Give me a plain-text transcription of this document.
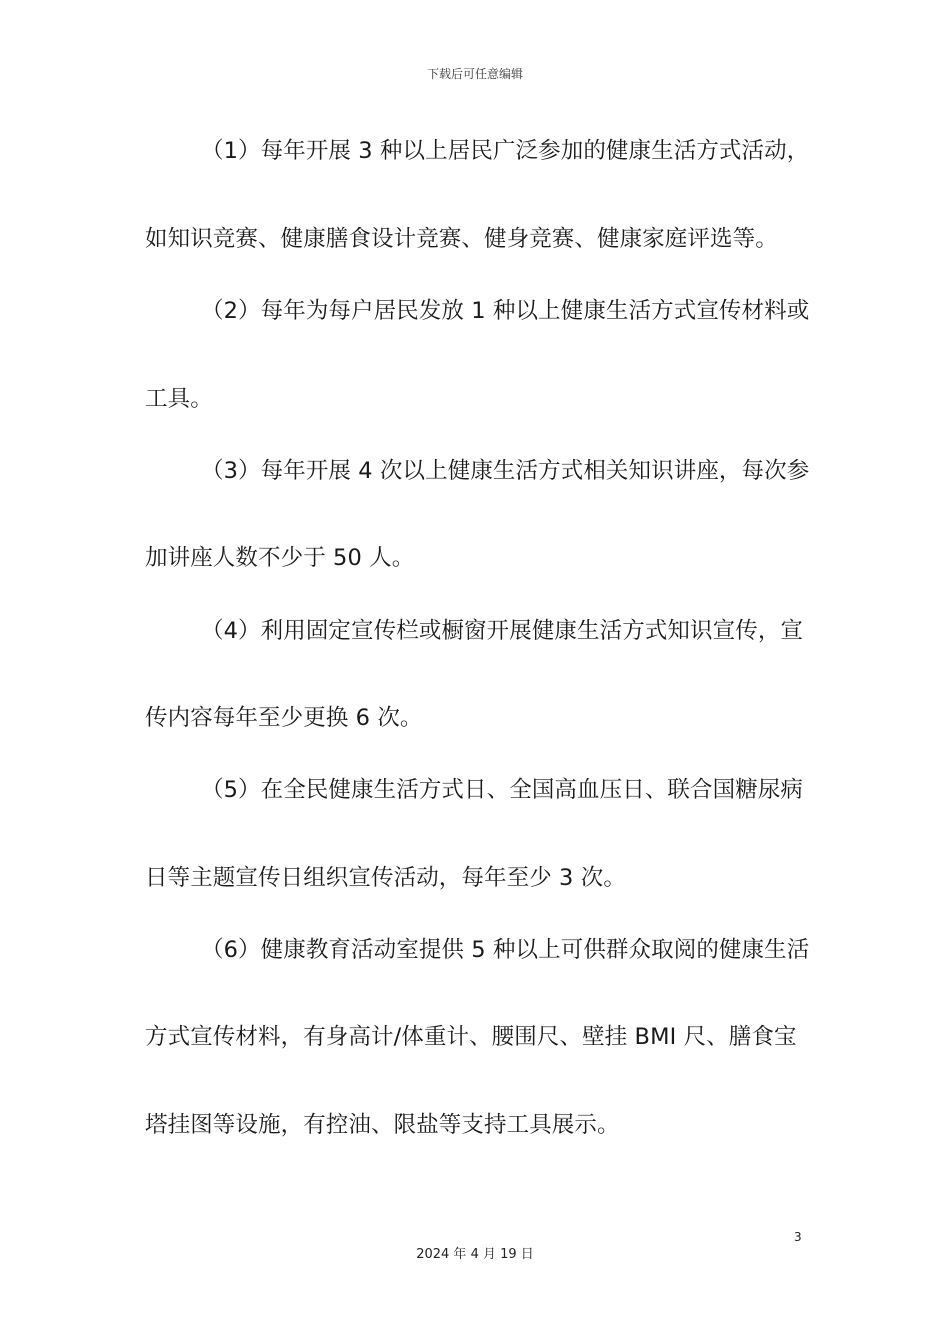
下载后可任意编辑
（1）每年开展 3 种以上居民广泛参加的健康生活方式活动，
如知识竞赛、健康膳食设计竞赛、健身竞赛、健康家庭评选等。
（2）每年为每户居民发放 1 种以上健康生活方式宣传材料或
工具。
（3）每年开展 4 次以上健康生活方式相关知识讲座，每次参
加讲座人数不少于 50 人。
（4）利用固定宣传栏或橱窗开展健康生活方式知识宣传，宣
传内容每年至少更换 6 次。
（5）在全民健康生活方式日、全国高血压日、联合国糖尿病
日等主题宣传日组织宣传活动，每年至少 3 次。
（6）健康教育活动室提供 5 种以上可供群众取阅的健康生活
方式宣传材料，有身高计/体重计、腰围尺、壁挂 BMI 尺、膳食宝
塔挂图等设施，有控油、限盐等支持工具展示。
3
2024 年 4 月 19 日
